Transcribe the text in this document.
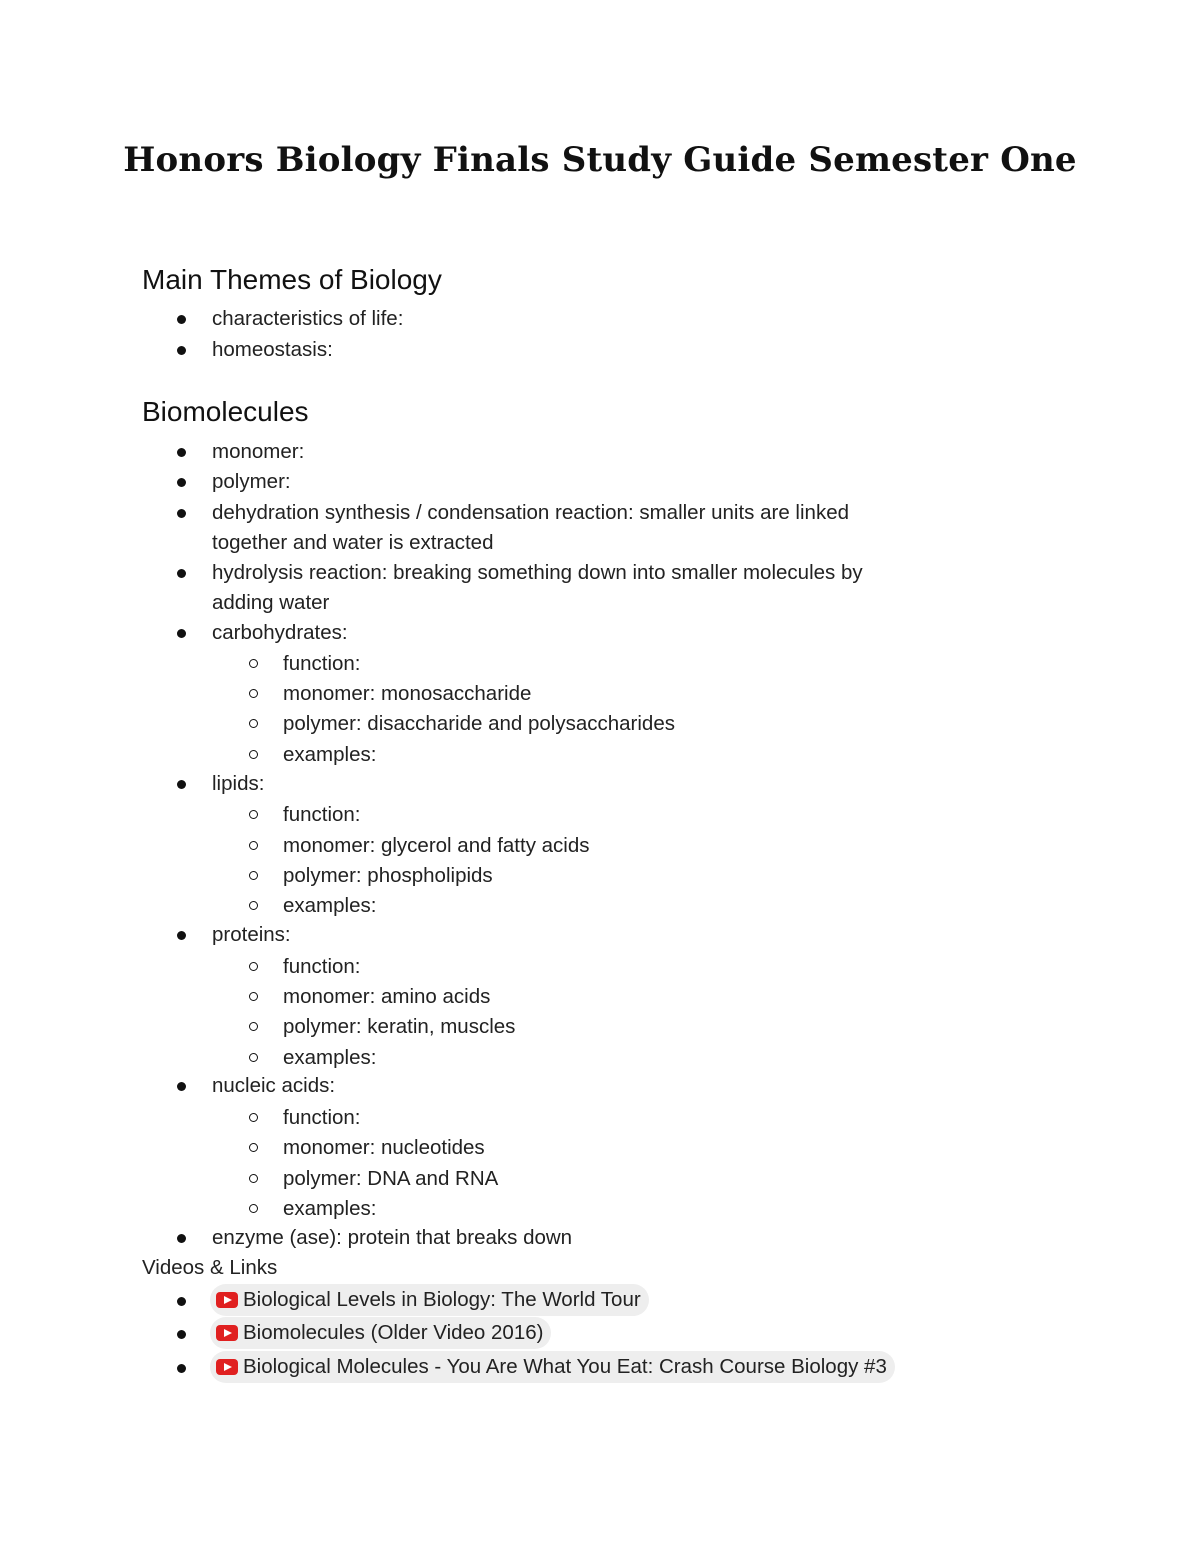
Honors Biology Finals Study Guide Semester One
Main Themes of Biology
characteristics of life:
homeostasis:
Biomolecules
monomer:
polymer:
dehydration synthesis / condensation reaction: smaller units are linked
together and water is extracted
hydrolysis reaction: breaking something down into smaller molecules by
adding water
carbohydrates:
function:
monomer: monosaccharide
polymer: disaccharide and polysaccharides
examples:
lipids:
function:
monomer: glycerol and fatty acids
polymer: phospholipids
examples:
proteins:
function:
monomer: amino acids
polymer: keratin, muscles
examples:
nucleic acids:
function:
monomer: nucleotides
polymer: DNA and RNA
examples:
enzyme (ase): protein that breaks down
Videos & Links
Biological Levels in Biology: The World Tour
Biomolecules (Older Video 2016)
Biological Molecules - You Are What You Eat: Crash Course Biology #3
